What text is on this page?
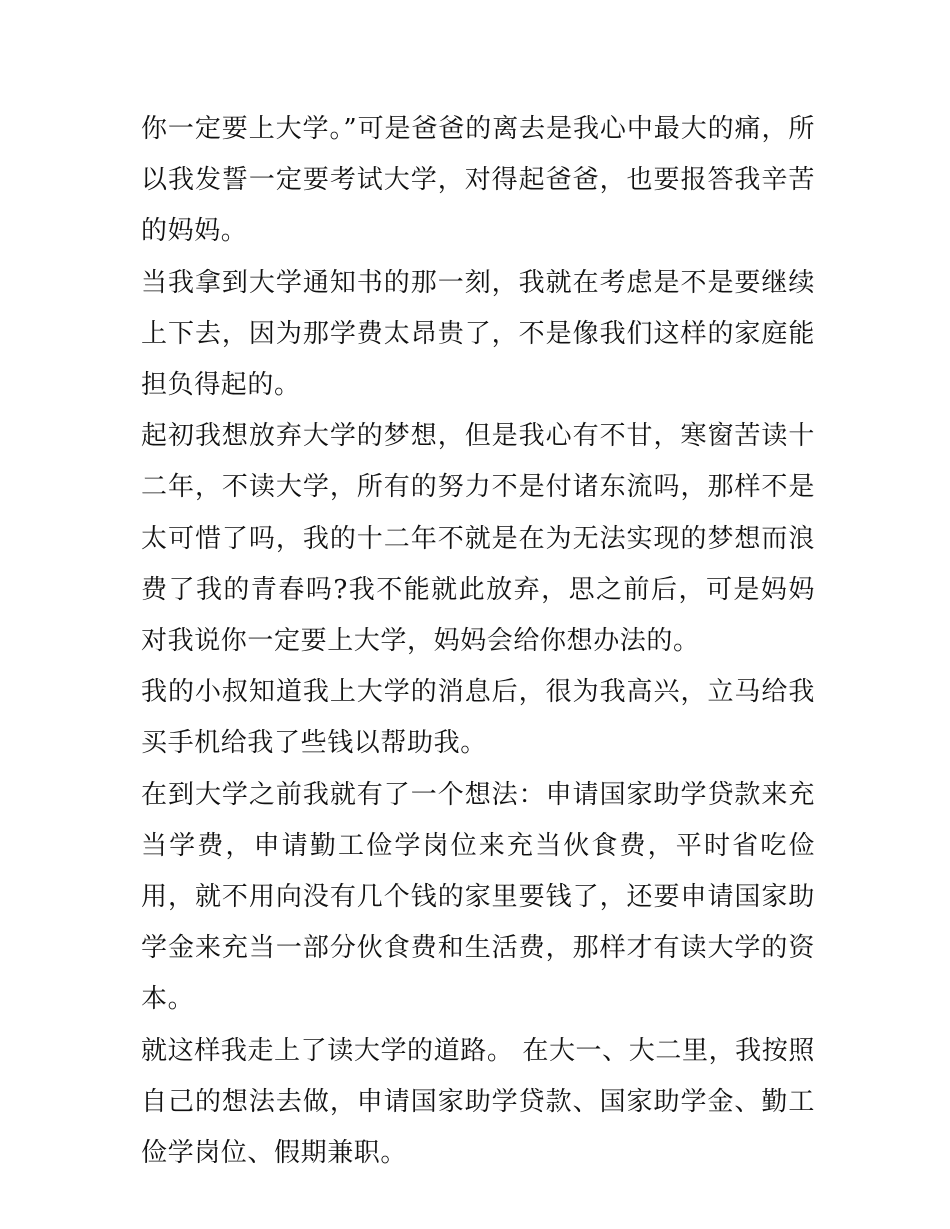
你一定要上大学。”可是爸爸的离去是我心中最大的痛，所以我发誓一定要考试大学，对得起爸爸，也要报答我辛苦的妈妈。

当我拿到大学通知书的那一刻，我就在考虑是不是要继续上下去，因为那学费太昂贵了，不是像我们这样的家庭能担负得起的。

起初我想放弃大学的梦想，但是我心有不甘，寒窗苦读十二年，不读大学，所有的努力不是付诸东流吗，那样不是太可惜了吗，我的十二年不就是在为无法实现的梦想而浪费了我的青春吗?我不能就此放弃，思之前后，可是妈妈对我说你一定要上大学，妈妈会给你想办法的。

我的小叔知道我上大学的消息后，很为我高兴，立马给我买手机给我了些钱以帮助我。

在到大学之前我就有了一个想法：申请国家助学贷款来充当学费，申请勤工俭学岗位来充当伙食费，平时省吃俭用，就不用向没有几个钱的家里要钱了，还要申请国家助学金来充当一部分伙食费和生活费，那样才有读大学的资本。

就这样我走上了读大学的道路。 在大一、大二里，我按照自己的想法去做，申请国家助学贷款、国家助学金、勤工俭学岗位、假期兼职。
